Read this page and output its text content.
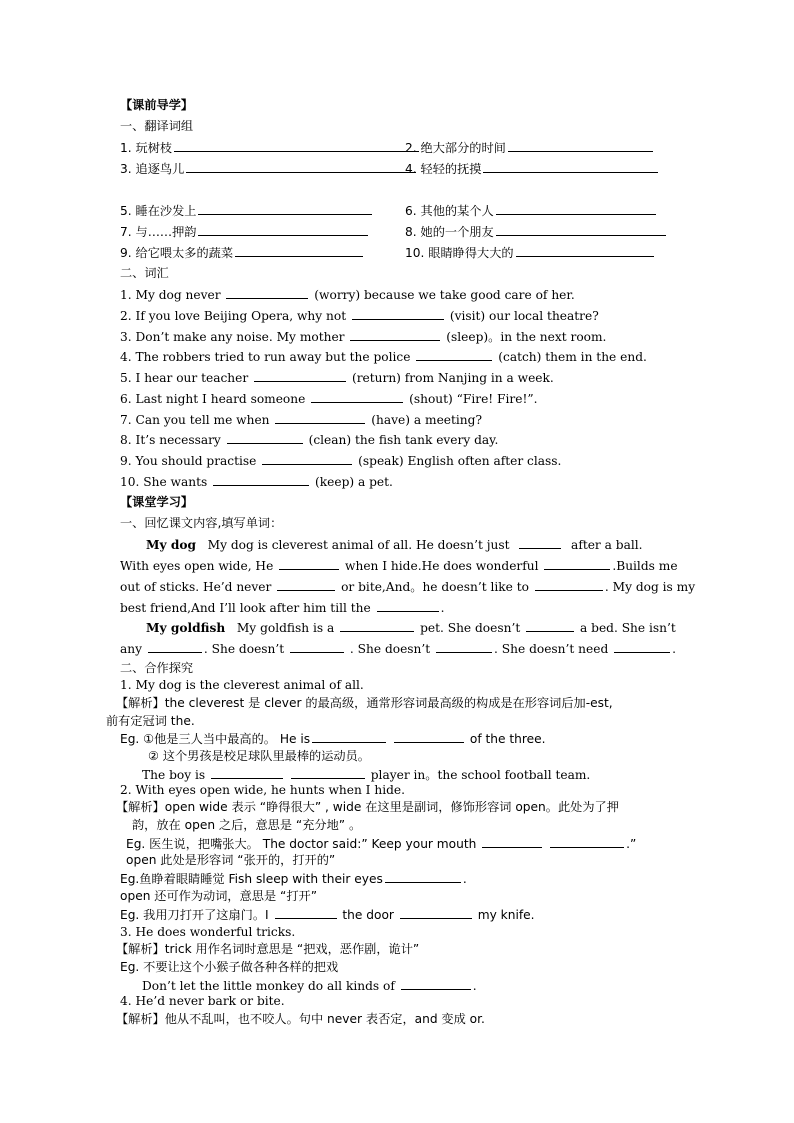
【课前导学】
一、翻译词组
1. 玩树枝	2. 绝大部分的时间
3. 追逐鸟儿	4. 轻轻的抚摸
5. 睡在沙发上	6. 其他的某个人
7. 与……押韵	8. 她的一个朋友
9. 给它喂太多的蔬菜	10. 眼睛睁得大大的
二、词汇
1. My dog never	(worry) because we take good care of her.
2. If you love Beijing Opera, why not	(visit) our local theatre?
3. Don’t make any noise. My mother	(sleep)。in the next room.
4. The robbers tried to run away but the police	(catch) them in the end.
5. I hear our teacher	(return) from Nanjing in a week.
6. Last night I heard someone	(shout) “Fire! Fire!”.
7. Can you tell me when	(have) a meeting?
8. It’s necessary	(clean) the fish tank every day.
9. You should practise	(speak) English often after class.
10. She wants	(keep) a pet.
【课堂学习】
一、回忆课文内容,填写单词：
My dog My dog is cleverest animal of all. He doesn’t just	after a ball.
With eyes open wide, He	when I hide.He does wonderful	.Builds me
out of sticks. He’d never	or bite,And。he doesn’t like to	. My dog is my
best friend,And I’ll look after him till the	.
My goldfish My goldfish is a	pet. She doesn’t	a bed. She isn’t
any	. She doesn’t	. She doesn’t	. She doesn’t need	.
二、合作探究
1. My dog is the cleverest animal of all.
【解析】the cleverest 是 clever 的最高级，通常形容词最高级的构成是在形容词后加-est,
前有定冠词 the.
Eg. ①他是三人当中最高的。 He is	of the three.
② 这个男孩是校足球队里最棒的运动员。
The boy is	player in。the school football team.
2. With eyes open wide, he hunts when I hide.
【解析】open wide 表示 “睁得很大” , wide 在这里是副词，修饰形容词 open。此处为了押
韵，放在 open 之后，意思是 “充分地” 。
Eg. 医生说，把嘴张大。 The doctor said:” Keep your mouth	.”
open 此处是形容词 “张开的，打开的”
Eg.鱼睁着眼睛睡觉 Fish sleep with their eyes	.
open 还可作为动词，意思是 “打开”
Eg. 我用刀打开了这扇门。I	the door	my knife.
3. He does wonderful tricks.
【解析】trick 用作名词时意思是 “把戏，恶作剧，诡计”
Eg. 不要让这个小猴子做各种各样的把戏
Don’t let the little monkey do all kinds of	.
4. He’d never bark or bite.
【解析】他从不乱叫，也不咬人。句中 never 表否定，and 变成 or.
